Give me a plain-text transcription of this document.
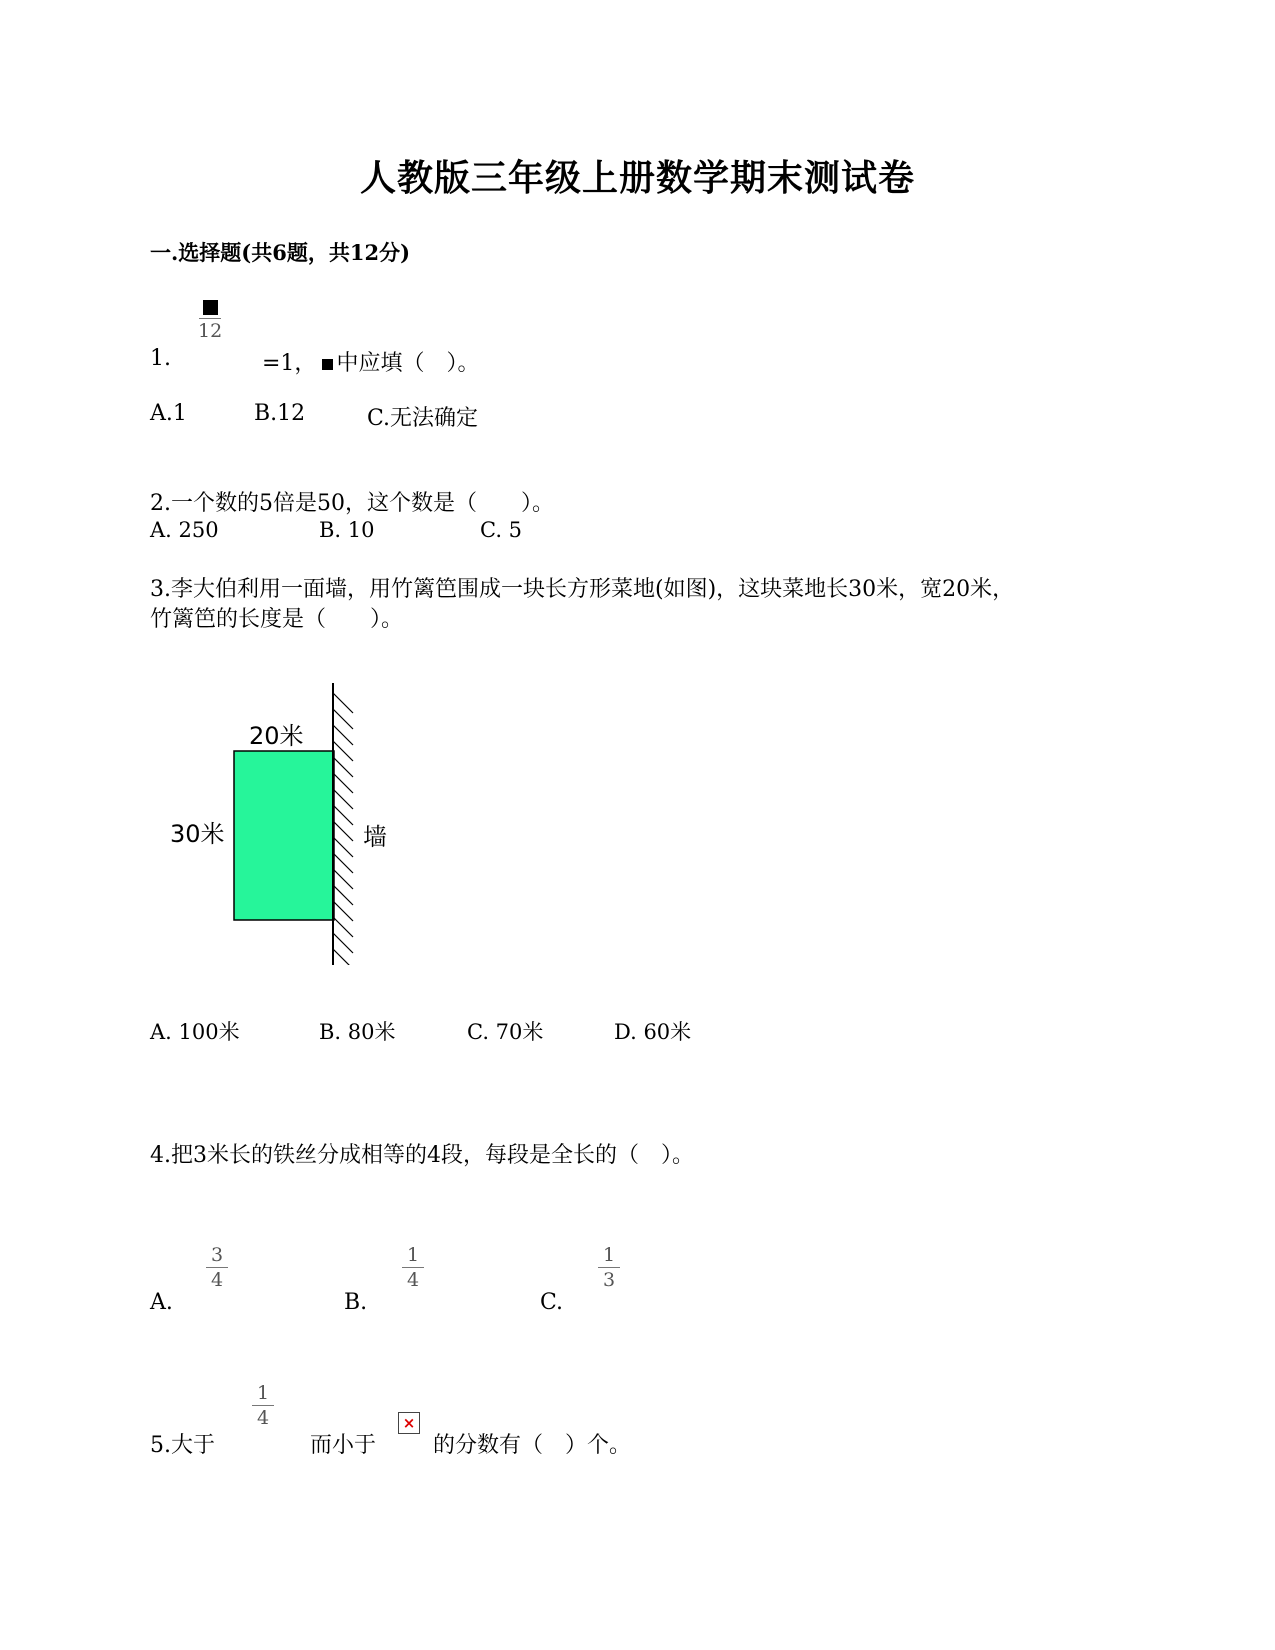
人教版三年级上册数学期末测试卷
一.选择题(共6题，共12分)
12
1.	=1， 中应填（　）。
A.1	B.12	C.无法确定
2.一个数的5倍是50，这个数是（　　）。
A. 250	B. 10	C. 5
3.李大伯利用一面墙，用竹篱笆围成一块长方形菜地(如图)，这块菜地长30米，宽20米，
竹篱笆的长度是（　　）。
20米
30米	墙
A. 100米	B. 80米	C. 70米	D. 60米
4.把3米长的铁丝分成相等的4段，每段是全长的（　）。
A.
3
4
B.
1
4
C.
1
3
5.大于
1
4
而小于
×
的分数有（　）个。
